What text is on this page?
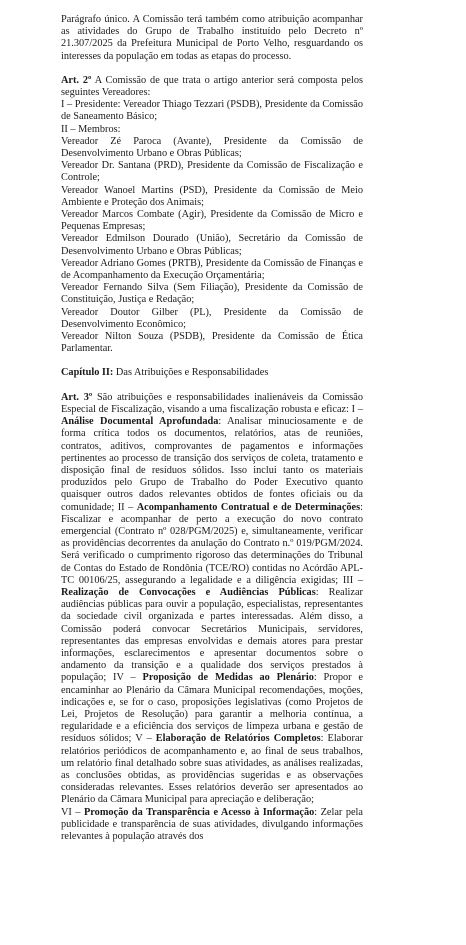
Parágrafo único. A Comissão terá também como atribuição acompanhar as atividades do Grupo de Trabalho instituído pelo Decreto nº 21.307/2025 da Prefeitura Municipal de Porto Velho, resguardando os interesses da população em todas as etapas do processo.

Art. 2º A Comissão de que trata o artigo anterior será composta pelos seguintes Vereadores:

I – Presidente: Vereador Thiago Tezzari (PSDB), Presidente da Comissão de Saneamento Básico;

II – Membros:

Vereador Zé Paroca (Avante), Presidente da Comissão de Desenvolvimento Urbano e Obras Públicas;

Vereador Dr. Santana (PRD), Presidente da Comissão de Fiscalização e Controle;

Vereador Wanoel Martins (PSD), Presidente da Comissão de Meio Ambiente e Proteção dos Animais;

Vereador Marcos Combate (Agir), Presidente da Comissão de Micro e Pequenas Empresas;

Vereador Edmilson Dourado (União), Secretário da Comissão de Desenvolvimento Urbano e Obras Públicas;

Vereador Adriano Gomes (PRTB), Presidente da Comissão de Finanças e de Acompanhamento da Execução Orçamentária;

Vereador Fernando Silva (Sem Filiação), Presidente da Comissão de Constituição, Justiça e Redação;

Vereador Doutor Gilber (PL), Presidente da Comissão de Desenvolvimento Econômico;

Vereador Nilton Souza (PSDB), Presidente da Comissão de Ética Parlamentar.

Capítulo II: Das Atribuições e Responsabilidades

Art. 3º São atribuições e responsabilidades inalienáveis da Comissão Especial de Fiscalização, visando a uma fiscalização robusta e eficaz: I – Análise Documental Aprofundada: Analisar minuciosamente e de forma crítica todos os documentos, relatórios, atas de reuniões, contratos, aditivos, comprovantes de pagamentos e informações pertinentes ao processo de transição dos serviços de coleta, tratamento e disposição final de resíduos sólidos. Isso inclui tanto os materiais produzidos pelo Grupo de Trabalho do Poder Executivo quanto quaisquer outros dados relevantes obtidos de fontes oficiais ou da comunidade; II – Acompanhamento Contratual e de Determinações: Fiscalizar e acompanhar de perto a execução do novo contrato emergencial (Contrato nº 028/PGM/2025) e, simultaneamente, verificar as providências decorrentes da anulação do Contrato n.º 019/PGM/2024. Será verificado o cumprimento rigoroso das determinações do Tribunal de Contas do Estado de Rondônia (TCE/RO) contidas no Acórdão APL-TC 00106/25, assegurando a legalidade e a diligência exigidas; III – Realização de Convocações e Audiências Públicas: Realizar audiências públicas para ouvir a população, especialistas, representantes da sociedade civil organizada e partes interessadas. Além disso, a Comissão poderá convocar Secretários Municipais, servidores, representantes das empresas envolvidas e demais atores para prestar informações, esclarecimentos e apresentar documentos sobre o andamento da transição e a qualidade dos serviços prestados à população; IV – Proposição de Medidas ao Plenário: Propor e encaminhar ao Plenário da Câmara Municipal recomendações, moções, indicações e, se for o caso, proposições legislativas (como Projetos de Lei, Projetos de Resolução) para garantir a melhoria contínua, a regularidade e a eficiência dos serviços de limpeza urbana e gestão de resíduos sólidos; V – Elaboração de Relatórios Completos: Elaborar relatórios periódicos de acompanhamento e, ao final de seus trabalhos, um relatório final detalhado sobre suas atividades, as análises realizadas, as conclusões obtidas, as providências sugeridas e as observações consideradas relevantes. Esses relatórios deverão ser apresentados ao Plenário da Câmara Municipal para apreciação e deliberação;

VI – Promoção da Transparência e Acesso à Informação: Zelar pela publicidade e transparência de suas atividades, divulgando informações relevantes à população através dos
